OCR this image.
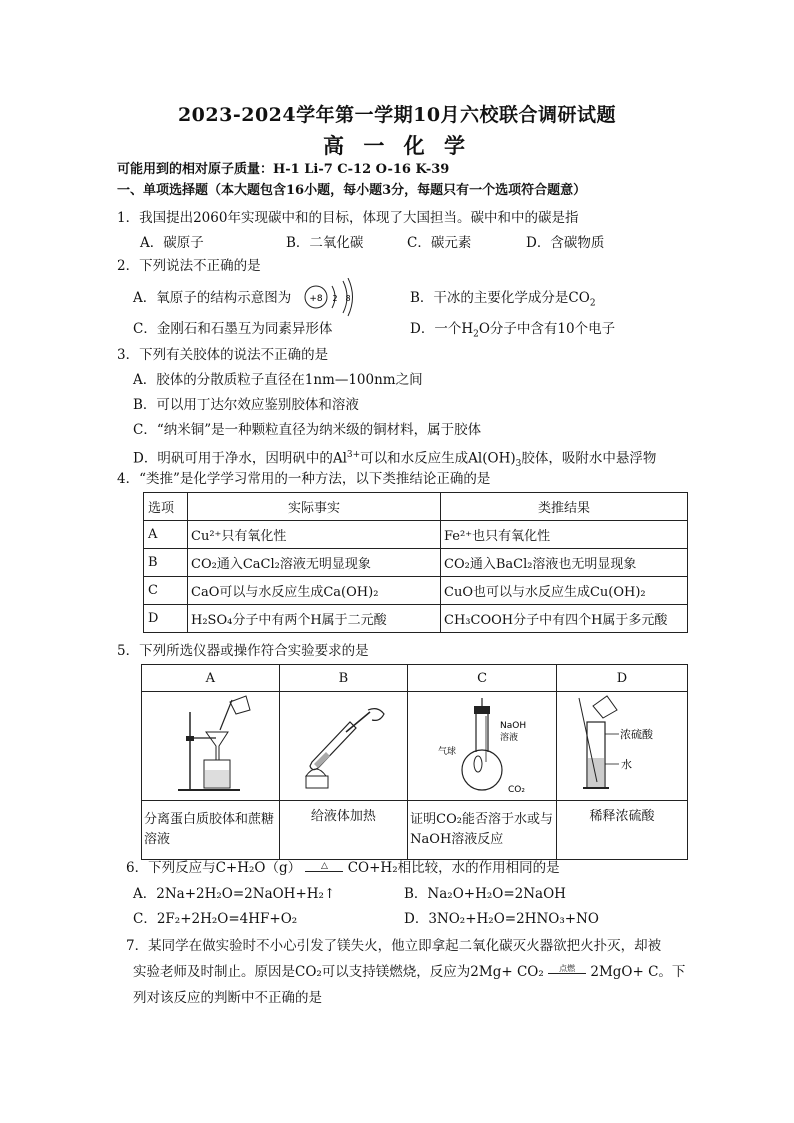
2023-2024学年第一学期10月六校联合调研试题
高 一 化 学
可能用到的相对原子质量：H-1 Li-7 C-12 O-16 K-39
一、单项选择题（本大题包含16小题，每小题3分，每题只有一个选项符合题意）
1．我国提出2060年实现碳中和的目标，体现了大国担当。碳中和中的碳是指
A．碳原子	B．二氧化碳	C．碳元素	D．含碳物质
2．下列说法不正确的是
A．氧原子的结构示意图为 +8 2 8	B．干冰的主要化学成分是$CO_2$
C．金刚石和石墨互为同素异形体	D．一个$H_2O$分子中含有10个电子
3．下列有关胶体的说法不正确的是
A．胶体的分散质粒子直径在1nm—100nm之间
B．可以用丁达尔效应鉴别胶体和溶液
C．“纳米铜”是一种颗粒直径为纳米级的铜材料，属于胶体
D．明矾可用于净水，因明矾中的$Al^{3+}$可以和水反应生成$Al(OH)_3$胶体，吸附水中悬浮物
4．“类推”是化学学习常用的一种方法，以下类推结论正确的是
选项	实际事实	类推结果
A	Cu²⁺只有氧化性	Fe²⁺也只有氧化性
B	CO₂通入CaCl₂溶液无明显现象	CO₂通入BaCl₂溶液也无明显现象
C	CaO可以与水反应生成Ca(OH)₂	CuO也可以与水反应生成Cu(OH)₂
D	H₂SO₄分子中有两个H属于二元酸	CH₃COOH分子中有四个H属于多元酸
5．下列所选仪器或操作符合实验要求的是
A	B	C	D

NaOH
溶液
气球
CO₂	浓硫酸
水

分离蛋白质胶体和蔗糖溶液	给液体加热	证明CO₂能否溶于水或与NaOH溶液反应	稀释浓硫酸
6．下列反应与C+H₂O（g） △ CO+H₂相比较，水的作用相同的是
A．2Na+2H₂O=2NaOH+H₂↑	B．Na₂O+H₂O=2NaOH
C．2F₂+2H₂O=4HF+O₂	D．3NO₂+H₂O=2HNO₃+NO
7．某同学在做实验时不小心引发了镁失火，他立即拿起二氧化碳灭火器欲把火扑灭，却被
实验老师及时制止。原因是CO₂可以支持镁燃烧，反应为2Mg+ CO₂ 点燃 2MgO+ C。下
列对该反应的判断中不正确的是
